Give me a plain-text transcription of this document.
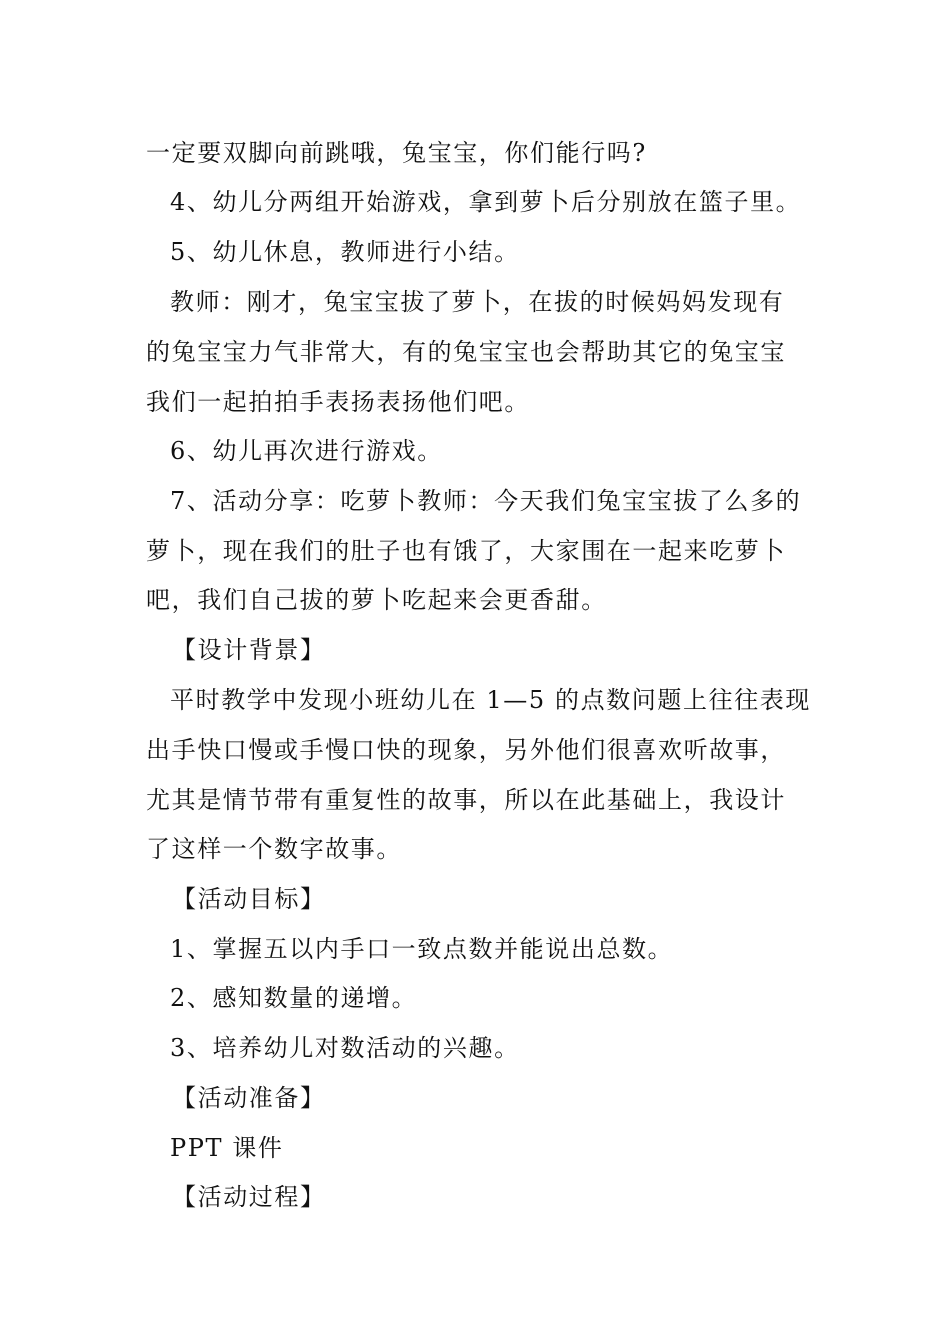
一定要双脚向前跳哦，兔宝宝，你们能行吗?
4、幼儿分两组开始游戏，拿到萝卜后分别放在篮子里。
5、幼儿休息，教师进行小结。
教师：刚才，兔宝宝拔了萝卜，在拔的时候妈妈发现有
的兔宝宝力气非常大，有的兔宝宝也会帮助其它的兔宝宝
我们一起拍拍手表扬表扬他们吧。
6、幼儿再次进行游戏。
7、活动分享：吃萝卜教师：今天我们兔宝宝拔了么多的
萝卜，现在我们的肚子也有饿了，大家围在一起来吃萝卜
吧，我们自己拔的萝卜吃起来会更香甜。
【设计背景】
平时教学中发现小班幼儿在 1—5 的点数问题上往往表现
出手快口慢或手慢口快的现象，另外他们很喜欢听故事，
尤其是情节带有重复性的故事，所以在此基础上，我设计
了这样一个数字故事。
【活动目标】
1、掌握五以内手口一致点数并能说出总数。
2、感知数量的递增。
3、培养幼儿对数活动的兴趣。
【活动准备】
PPT 课件
【活动过程】
